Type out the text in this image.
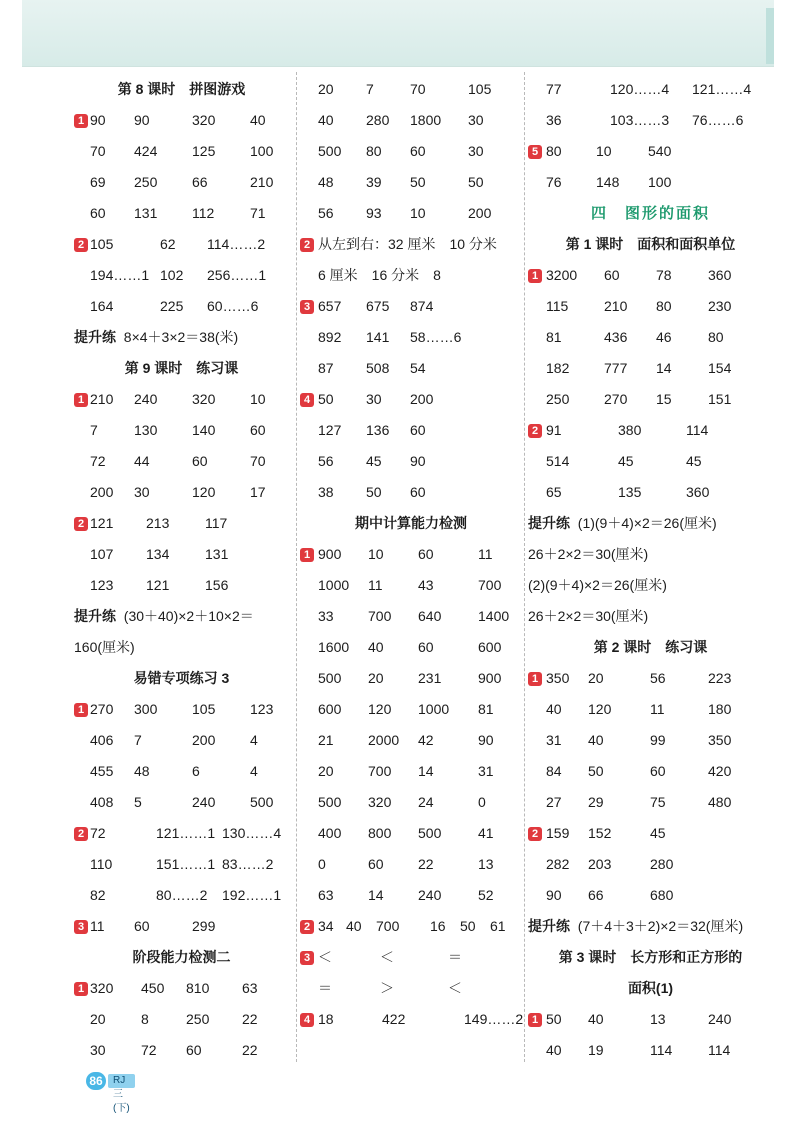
第 8 课时　拼图游戏
1 90 90	320 40
70 424 125 100
69 250 66	210
60 131 112	71
2 105	62 114……2
194……1 102 256……1
164	225 60……6
提升练 8×4＋3×2＝38(米)
第 9 课时　练习课
1 210 240 320 10
7	130 140 60
72 44	60	70
200 30	120 17
2 121 213	117
107 134	131
123 121	156
提升练 (30＋40)×2＋10×2＝
160(厘米)
易错专项练习 3
1 270 300 105 123
406 7	200 4
455 48	6	4
408 5	240 500
2 72	121……1 130……4
110	151……1 83……2
82	80……2 192……1
3 11 60	299
阶段能力检测二
1 320 450 810 63
20	8	250 22
30	72 60	22
20 7	70	105
40 280 1800 30
500 80 60	30
48 39 50	50
56 93 10	200
2 从左到右：32 厘米　10 分米
6 厘米　16 分米　8
3 657 675 874
892 141 58……6
87 508 54
4 50 30 200
127 136 60
56 45 90
38 50 60
期中计算能力检测
1 900 10 60	11
1000 11	43	700
33 700 640	1400
1600 40 60	600
500 20 231	900
600 120 1000 81
21 2000 42	90
20 700 14	31
500 320 24	0
400 800 500	41
0	60 22	13
63 14 240	52
2 34 40 700 16 50 61
3 ＜	＜	＝
＝	＞	＜
4 18	422	149……2
77	120……4 121……4
36	103……3 76……6
5 80 10	540
76 148 100
四　图形的面积
第 1 课时　面积和面积单位
1 3200 60	78	360
115	210 80	230
81	436 46	80
182 777 14	154
250 270 15	151
2 91	380	114
514	45	45
65	135	360
提升练 (1)(9＋4)×2＝26(厘米)
26＋2×2＝30(厘米)
(2)(9＋4)×2＝26(厘米)
26＋2×2＝30(厘米)
第 2 课时　练习课
1 350 20	56	223
40 120	11	180
31 40	99	350
84 50	60	420
27 29	75	480
2 159 152	45
282 203	280
90 66	680
提升练 (7＋4＋3＋2)×2＝32(厘米)
第 3 课时　长方形和正方形的
面积(1)
1 50 40	13	240
40 19	114	114
86	RJ 三(下)
